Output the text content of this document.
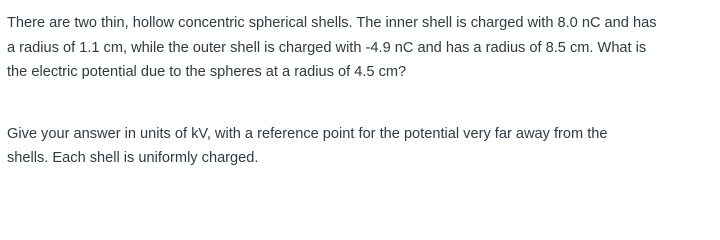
There are two thin, hollow concentric spherical shells. The inner shell is charged with 8.0 nC and has
a radius of 1.1 cm, while the outer shell is charged with -4.9 nC and has a radius of 8.5 cm. What is
the electric potential due to the spheres at a radius of 4.5 cm?

Give your answer in units of kV, with a reference point for the potential very far away from the
shells. Each shell is uniformly charged.
